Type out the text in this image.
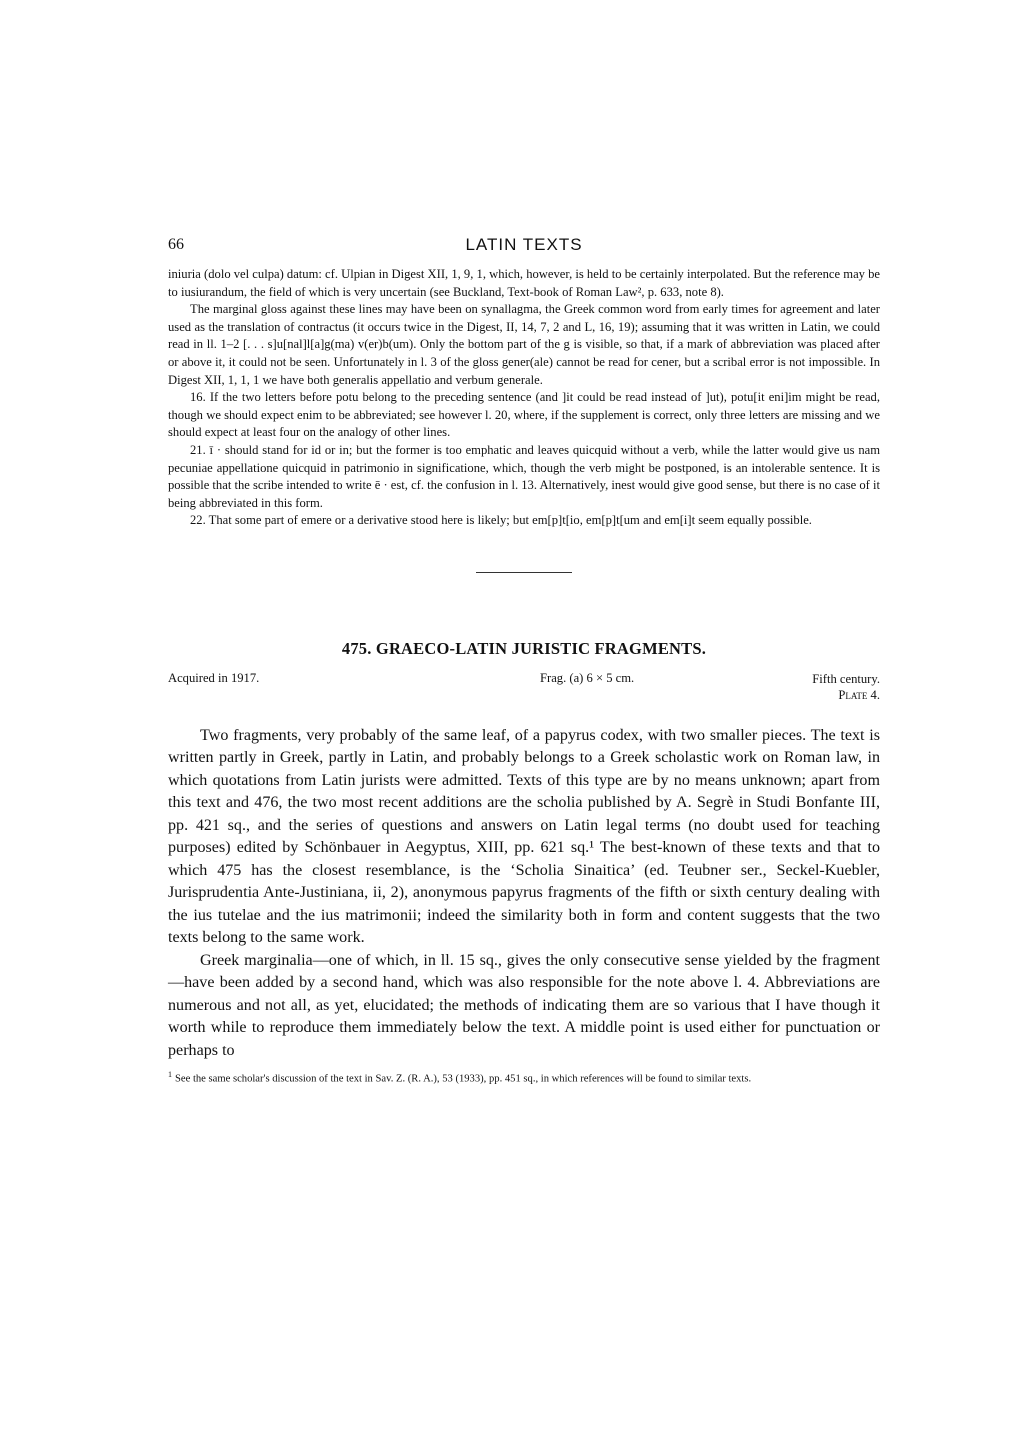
66	LATIN TEXTS

iniuria (dolo vel culpa) datum: cf. Ulpian in Digest XII, 1, 9, 1, which, however, is held to be certainly interpolated. But the reference may be to iusiurandum, the field of which is very uncertain (see Buckland, Text-book of Roman Law², p. 633, note 8).

The marginal gloss against these lines may have been on synallagma, the Greek common word from early times for agreement and later used as the translation of contractus (it occurs twice in the Digest, II, 14, 7, 2 and L, 16, 19); assuming that it was written in Latin, we could read in ll. 1–2 [. . . s]u[nal]l[a]g(ma) v(er)b(um). Only the bottom part of the g is visible, so that, if a mark of abbreviation was placed after or above it, it could not be seen. Unfortunately in l. 3 of the gloss gener(ale) cannot be read for cener, but a scribal error is not impossible. In Digest XII, 1, 1, 1 we have both generalis appellatio and verbum generale.

16. If the two letters before potu belong to the preceding sentence (and ]it could be read instead of ]ut), potu[it eni]im might be read, though we should expect enim to be abbreviated; see however l. 20, where, if the supplement is correct, only three letters are missing and we should expect at least four on the analogy of other lines.

21. ī · should stand for id or in; but the former is too emphatic and leaves quicquid without a verb, while the latter would give us nam pecuniae appellatione quicquid in patrimonio in significatione, which, though the verb might be postponed, is an intolerable sentence. It is possible that the scribe intended to write ē · est, cf. the confusion in l. 13. Alternatively, inest would give good sense, but there is no case of it being abbreviated in this form.

22. That some part of emere or a derivative stood here is likely; but em[p]t[io, em[p]t[um and em[i]t seem equally possible.

475. GRAECO-LATIN JURISTIC FRAGMENTS.
Acquired in 1917.	Frag. (a) 6 × 5 cm.	Fifth century.
Plate 4.

Two fragments, very probably of the same leaf, of a papyrus codex, with two smaller pieces. The text is written partly in Greek, partly in Latin, and probably belongs to a Greek scholastic work on Roman law, in which quotations from Latin jurists were admitted. Texts of this type are by no means unknown; apart from this text and 476, the two most recent additions are the scholia published by A. Segrè in Studi Bonfante III, pp. 421 sq., and the series of questions and answers on Latin legal terms (no doubt used for teaching purposes) edited by Schönbauer in Aegyptus, XIII, pp. 621 sq.¹ The best-known of these texts and that to which 475 has the closest resemblance, is the ‘Scholia Sinaitica’ (ed. Teubner ser., Seckel-Kuebler, Jurisprudentia Ante-Justiniana, ii, 2), anonymous papyrus fragments of the fifth or sixth century dealing with the ius tutelae and the ius matrimonii; indeed the similarity both in form and content suggests that the two texts belong to the same work.

Greek marginalia—one of which, in ll. 15 sq., gives the only consecutive sense yielded by the fragment—have been added by a second hand, which was also responsible for the note above l. 4. Abbreviations are numerous and not all, as yet, elucidated; the methods of indicating them are so various that I have though it worth while to reproduce them immediately below the text. A middle point is used either for punctuation or perhaps to

$^1$ See the same scholar's discussion of the text in Sav. Z. (R. A.), 53 (1933), pp. 451 sq., in which references will be found to similar texts.
